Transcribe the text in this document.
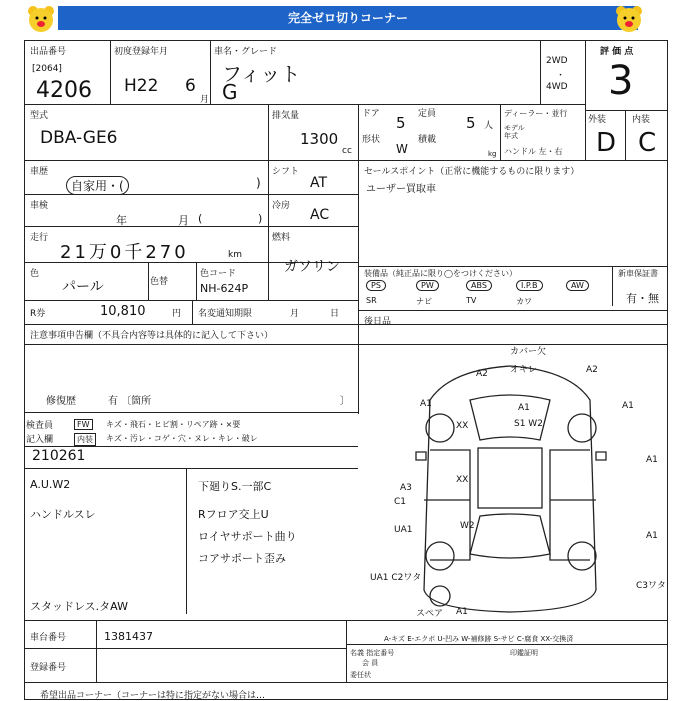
完全ゼロ切りコーナー
出品番号
[2064]
4206
初度登録年月
H22 6
月
車名・グレード
フィット
G
2WD
・
4WD
評 価 点
3
型式
DBA-GE6
排気量
1300
cc
ドア 5 定員 5 人
形状
W
積載
kg
ディーラー・並行
モデル
年式
ハンドル 左・右
外装	内装
D C
車歴
自家用・(	)
シフト
AT
車検
年	月 (	)
冷房
AC
走行
21万0千270	km
燃料
ガソリン
色
パール	色替
色コード
NH-624P
R券	10,810	円 名変通知期限	月	日
セールスポイント（正常に機能するものに限ります）
ユーザー買取車
装備品（純正品に限り◯をつけください）	新車保証書
有・無
PS	PW	ABS	I.P.B	AW
SR	ナビ	TV	カワ
後日品
注意事項申告欄（不具合内容等は具体的に記入して下さい）
修復歴	有 〔箇所	〕
検査員
記入欄
FW	キズ・飛石・ヒビ割・リペア跡・×要
内装	キズ・汚レ・コゲ・穴・ヌレ・キレ・破レ
210261
A.U.W2
ハンドルスレ
スタッドレス.タAW
下廻りS.一部C
Rフロア交上U
ロイヤサポート曲り
コアサポート歪み
カバー欠
A2 オキレ	A2
A1
XX
A1
S1 W2
A1
A1
A3
C1
XX
UA1	W2
A1
UA1 C2ワタ
C3ワタ
A1
スペア
車台番号	1381437
登録番号
A-キズ E-エクボ U-凹み W-補修跡 S-サビ C-腐食 XX-交換済
名義 指定番号
会 員
印鑑証明
委任状
希望出品コーナー（コーナーは特に指定がない場合は…
